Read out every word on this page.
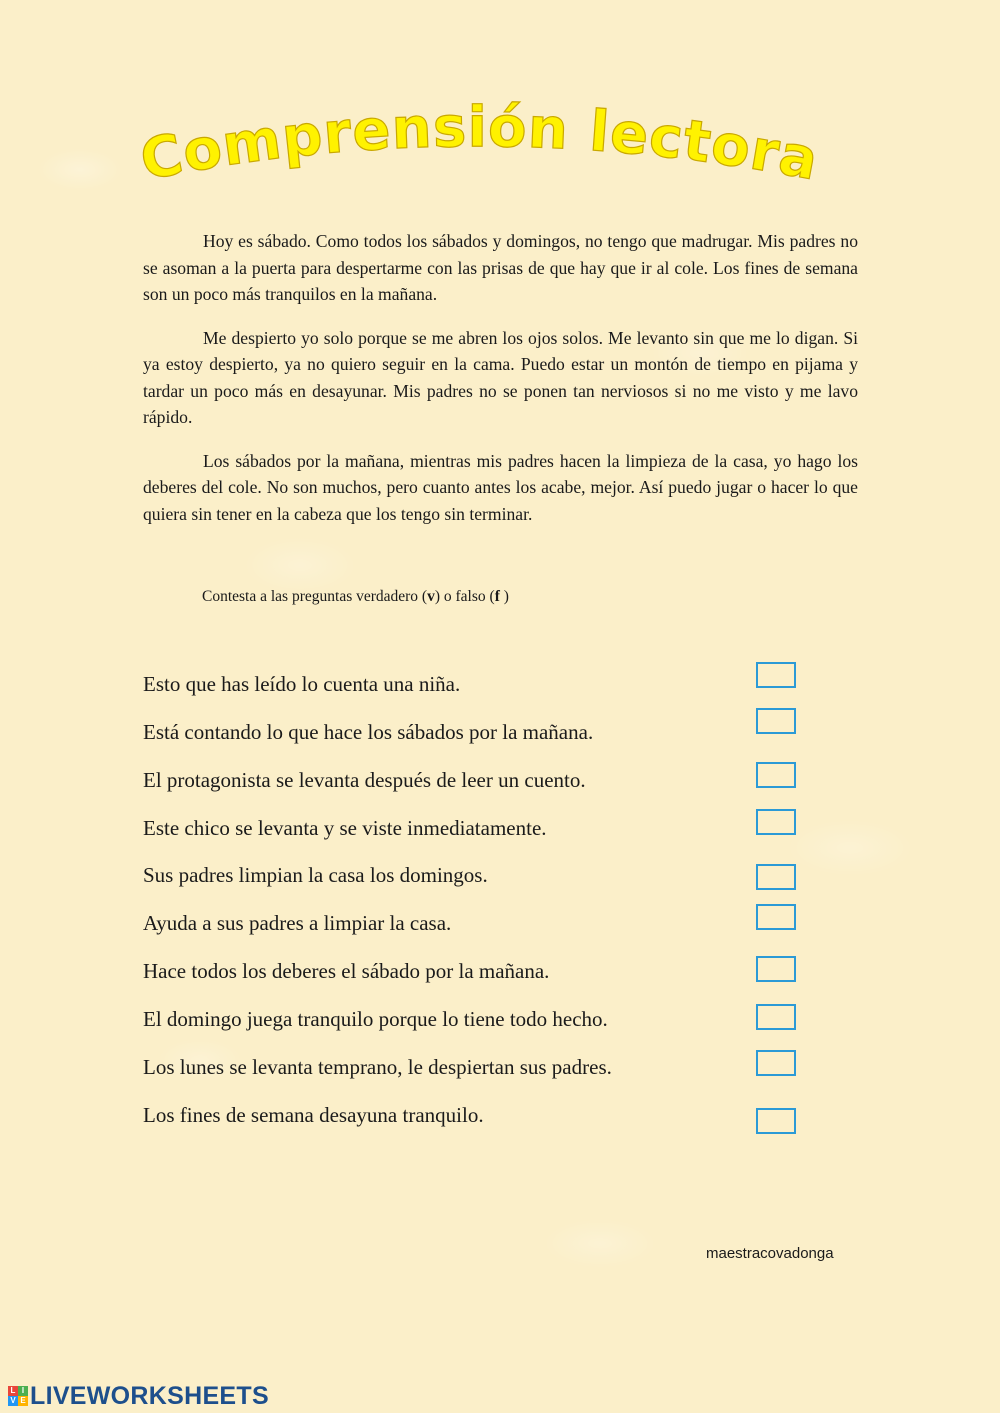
Comprensión lectora

Hoy es sábado. Como todos los sábados y domingos, no tengo que madrugar. Mis padres no se asoman a la puerta para despertarme con las prisas de que hay que ir al cole. Los fines de semana son un poco más tranquilos en la mañana.

Me despierto yo solo porque se me abren los ojos solos. Me levanto sin que me lo digan. Si ya estoy despierto, ya no quiero seguir en la cama. Puedo estar un montón de tiempo en pijama y tardar un poco más en desayunar. Mis padres no se ponen tan nerviosos si no me visto y me lavo rápido.

Los sábados por la mañana, mientras mis padres hacen la limpieza de la casa, yo hago los deberes del cole. No son muchos, pero cuanto antes los acabe, mejor. Así puedo jugar o hacer lo que quiera sin tener en la cabeza que los tengo sin terminar.

Contesta a las preguntas verdadero (v) o falso (f )
Esto que has leído lo cuenta una niña.
Está contando lo que hace los sábados por la mañana.
El protagonista se levanta después de leer un cuento.
Este chico se levanta y se viste inmediatamente.
Sus padres limpian la casa los domingos.
Ayuda a sus padres a limpiar la casa.
Hace todos los deberes el sábado por la mañana.
El domingo juega tranquilo porque lo tiene todo hecho.
Los lunes se levanta temprano, le despiertan sus padres.
Los fines de semana desayuna tranquilo.
maestracovadonga
L I
V E LIVEWORKSHEETS
